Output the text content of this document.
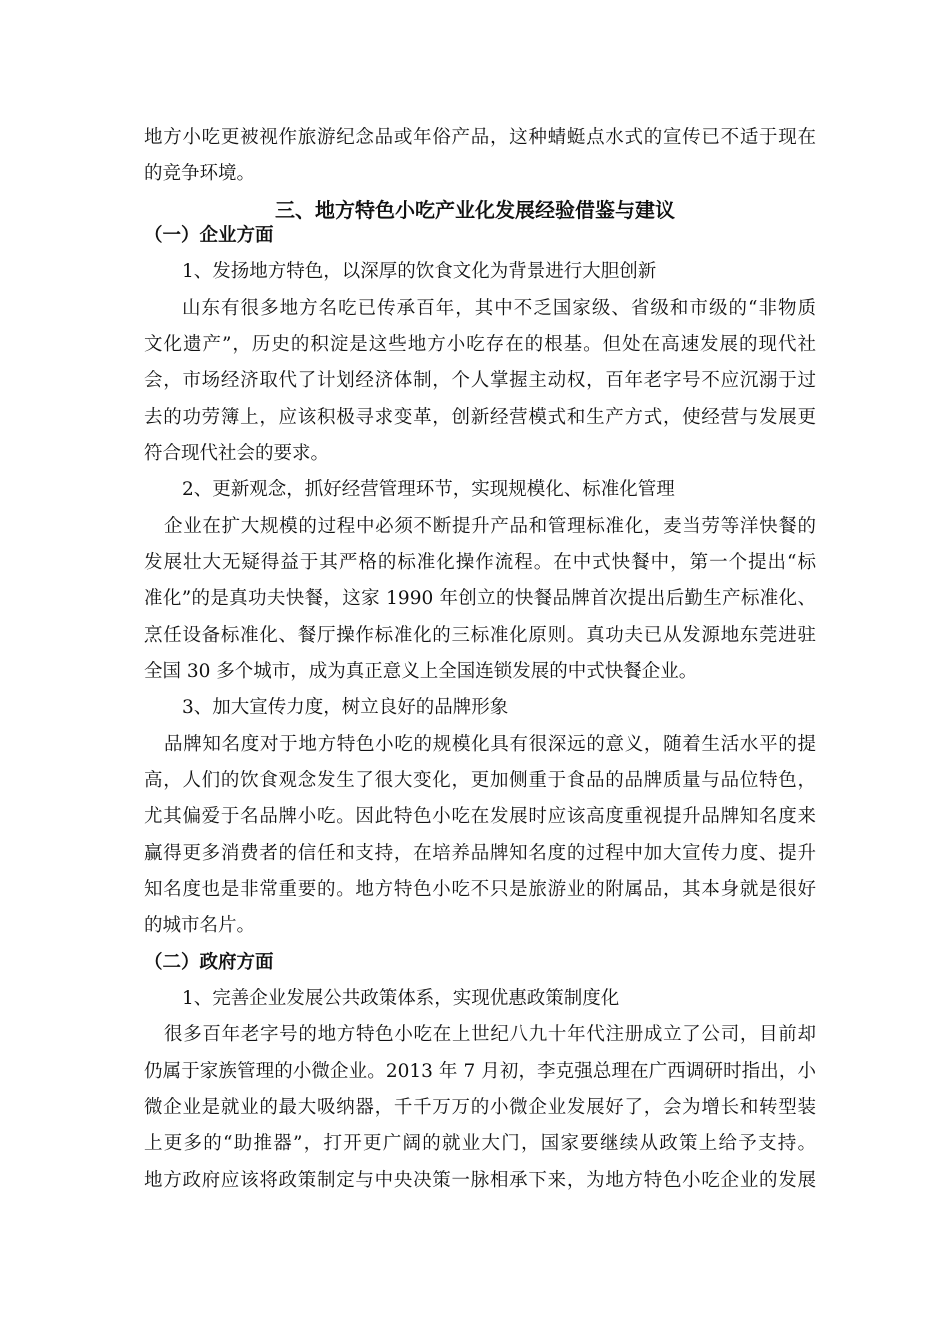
地方小吃更被视作旅游纪念品或年俗产品，这种蜻蜓点水式的宣传已不适于现在
的竞争环境。
三、地方特色小吃产业化发展经验借鉴与建议
（一）企业方面
1、发扬地方特色，以深厚的饮食文化为背景进行大胆创新
山东有很多地方名吃已传承百年，其中不乏国家级、省级和市级的“非物质
文化遗产”，历史的积淀是这些地方小吃存在的根基。但处在高速发展的现代社
会，市场经济取代了计划经济体制，个人掌握主动权，百年老字号不应沉溺于过
去的功劳簿上，应该积极寻求变革，创新经营模式和生产方式，使经营与发展更
符合现代社会的要求。
2、更新观念，抓好经营管理环节，实现规模化、标准化管理
企业在扩大规模的过程中必须不断提升产品和管理标准化，麦当劳等洋快餐的
发展壮大无疑得益于其严格的标准化操作流程。在中式快餐中，第一个提出“标
准化”的是真功夫快餐，这家 1990 年创立的快餐品牌首次提出后勤生产标准化、
烹任设备标准化、餐厅操作标准化的三标准化原则。真功夫已从发源地东莞进驻
全国 30 多个城市，成为真正意义上全国连锁发展的中式快餐企业。
3、加大宣传力度，树立良好的品牌形象
品牌知名度对于地方特色小吃的规模化具有很深远的意义，随着生活水平的提
高，人们的饮食观念发生了很大变化，更加侧重于食品的品牌质量与品位特色，
尤其偏爱于名品牌小吃。因此特色小吃在发展时应该高度重视提升品牌知名度来
赢得更多消费者的信任和支持，在培养品牌知名度的过程中加大宣传力度、提升
知名度也是非常重要的。地方特色小吃不只是旅游业的附属品，其本身就是很好
的城市名片。
（二）政府方面
1、完善企业发展公共政策体系，实现优惠政策制度化
很多百年老字号的地方特色小吃在上世纪八九十年代注册成立了公司，目前却
仍属于家族管理的小微企业。2013 年 7 月初，李克强总理在广西调研时指出，小
微企业是就业的最大吸纳器，千千万万的小微企业发展好了，会为增长和转型装
上更多的“助推器”，打开更广阔的就业大门，国家要继续从政策上给予支持。
地方政府应该将政策制定与中央决策一脉相承下来，为地方特色小吃企业的发展
